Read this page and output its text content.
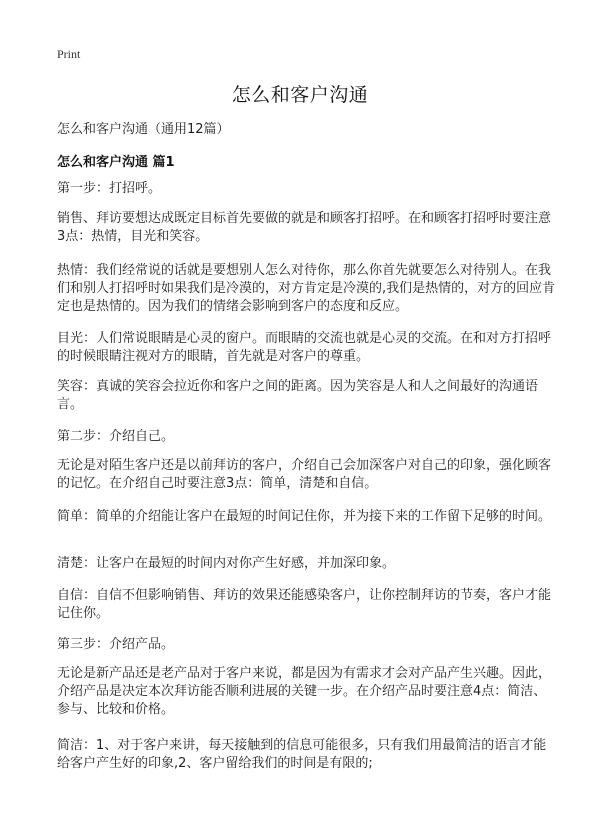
Print
怎么和客户沟通

怎么和客户沟通（通用12篇）

怎么和客户沟通 篇1

第一步：打招呼。

销售、拜访要想达成既定目标首先要做的就是和顾客打招呼。在和顾客打招呼时要注意3点：热情，目光和笑容。

热情：我们经常说的话就是要想别人怎么对待你，那么你首先就要怎么对待别人。在我们和别人打招呼时如果我们是冷漠的，对方肯定是冷漠的,我们是热情的，对方的回应肯定也是热情的。因为我们的情绪会影响到客户的态度和反应。

目光：人们常说眼睛是心灵的窗户。而眼睛的交流也就是心灵的交流。在和对方打招呼的时候眼睛注视对方的眼睛，首先就是对客户的尊重。

笑容：真诚的笑容会拉近你和客户之间的距离。因为笑容是人和人之间最好的沟通语言。

第二步：介绍自己。

无论是对陌生客户还是以前拜访的客户，介绍自己会加深客户对自己的印象，强化顾客的记忆。在介绍自己时要注意3点：简单，清楚和自信。

简单：简单的介绍能让客户在最短的时间记住你，并为接下来的工作留下足够的时间。

清楚：让客户在最短的时间内对你产生好感，并加深印象。

自信：自信不但影响销售、拜访的效果还能感染客户，让你控制拜访的节奏，客户才能记住你。

第三步：介绍产品。

无论是新产品还是老产品对于客户来说，都是因为有需求才会对产品产生兴趣。因此，介绍产品是决定本次拜访能否顺利进展的关键一步。在介绍产品时要注意4点：简洁、参与、比较和价格。

简洁：1、对于客户来讲，每天接触到的信息可能很多，只有我们用最简洁的语言才能给客户产生好的印象,2、客户留给我们的时间是有限的;
